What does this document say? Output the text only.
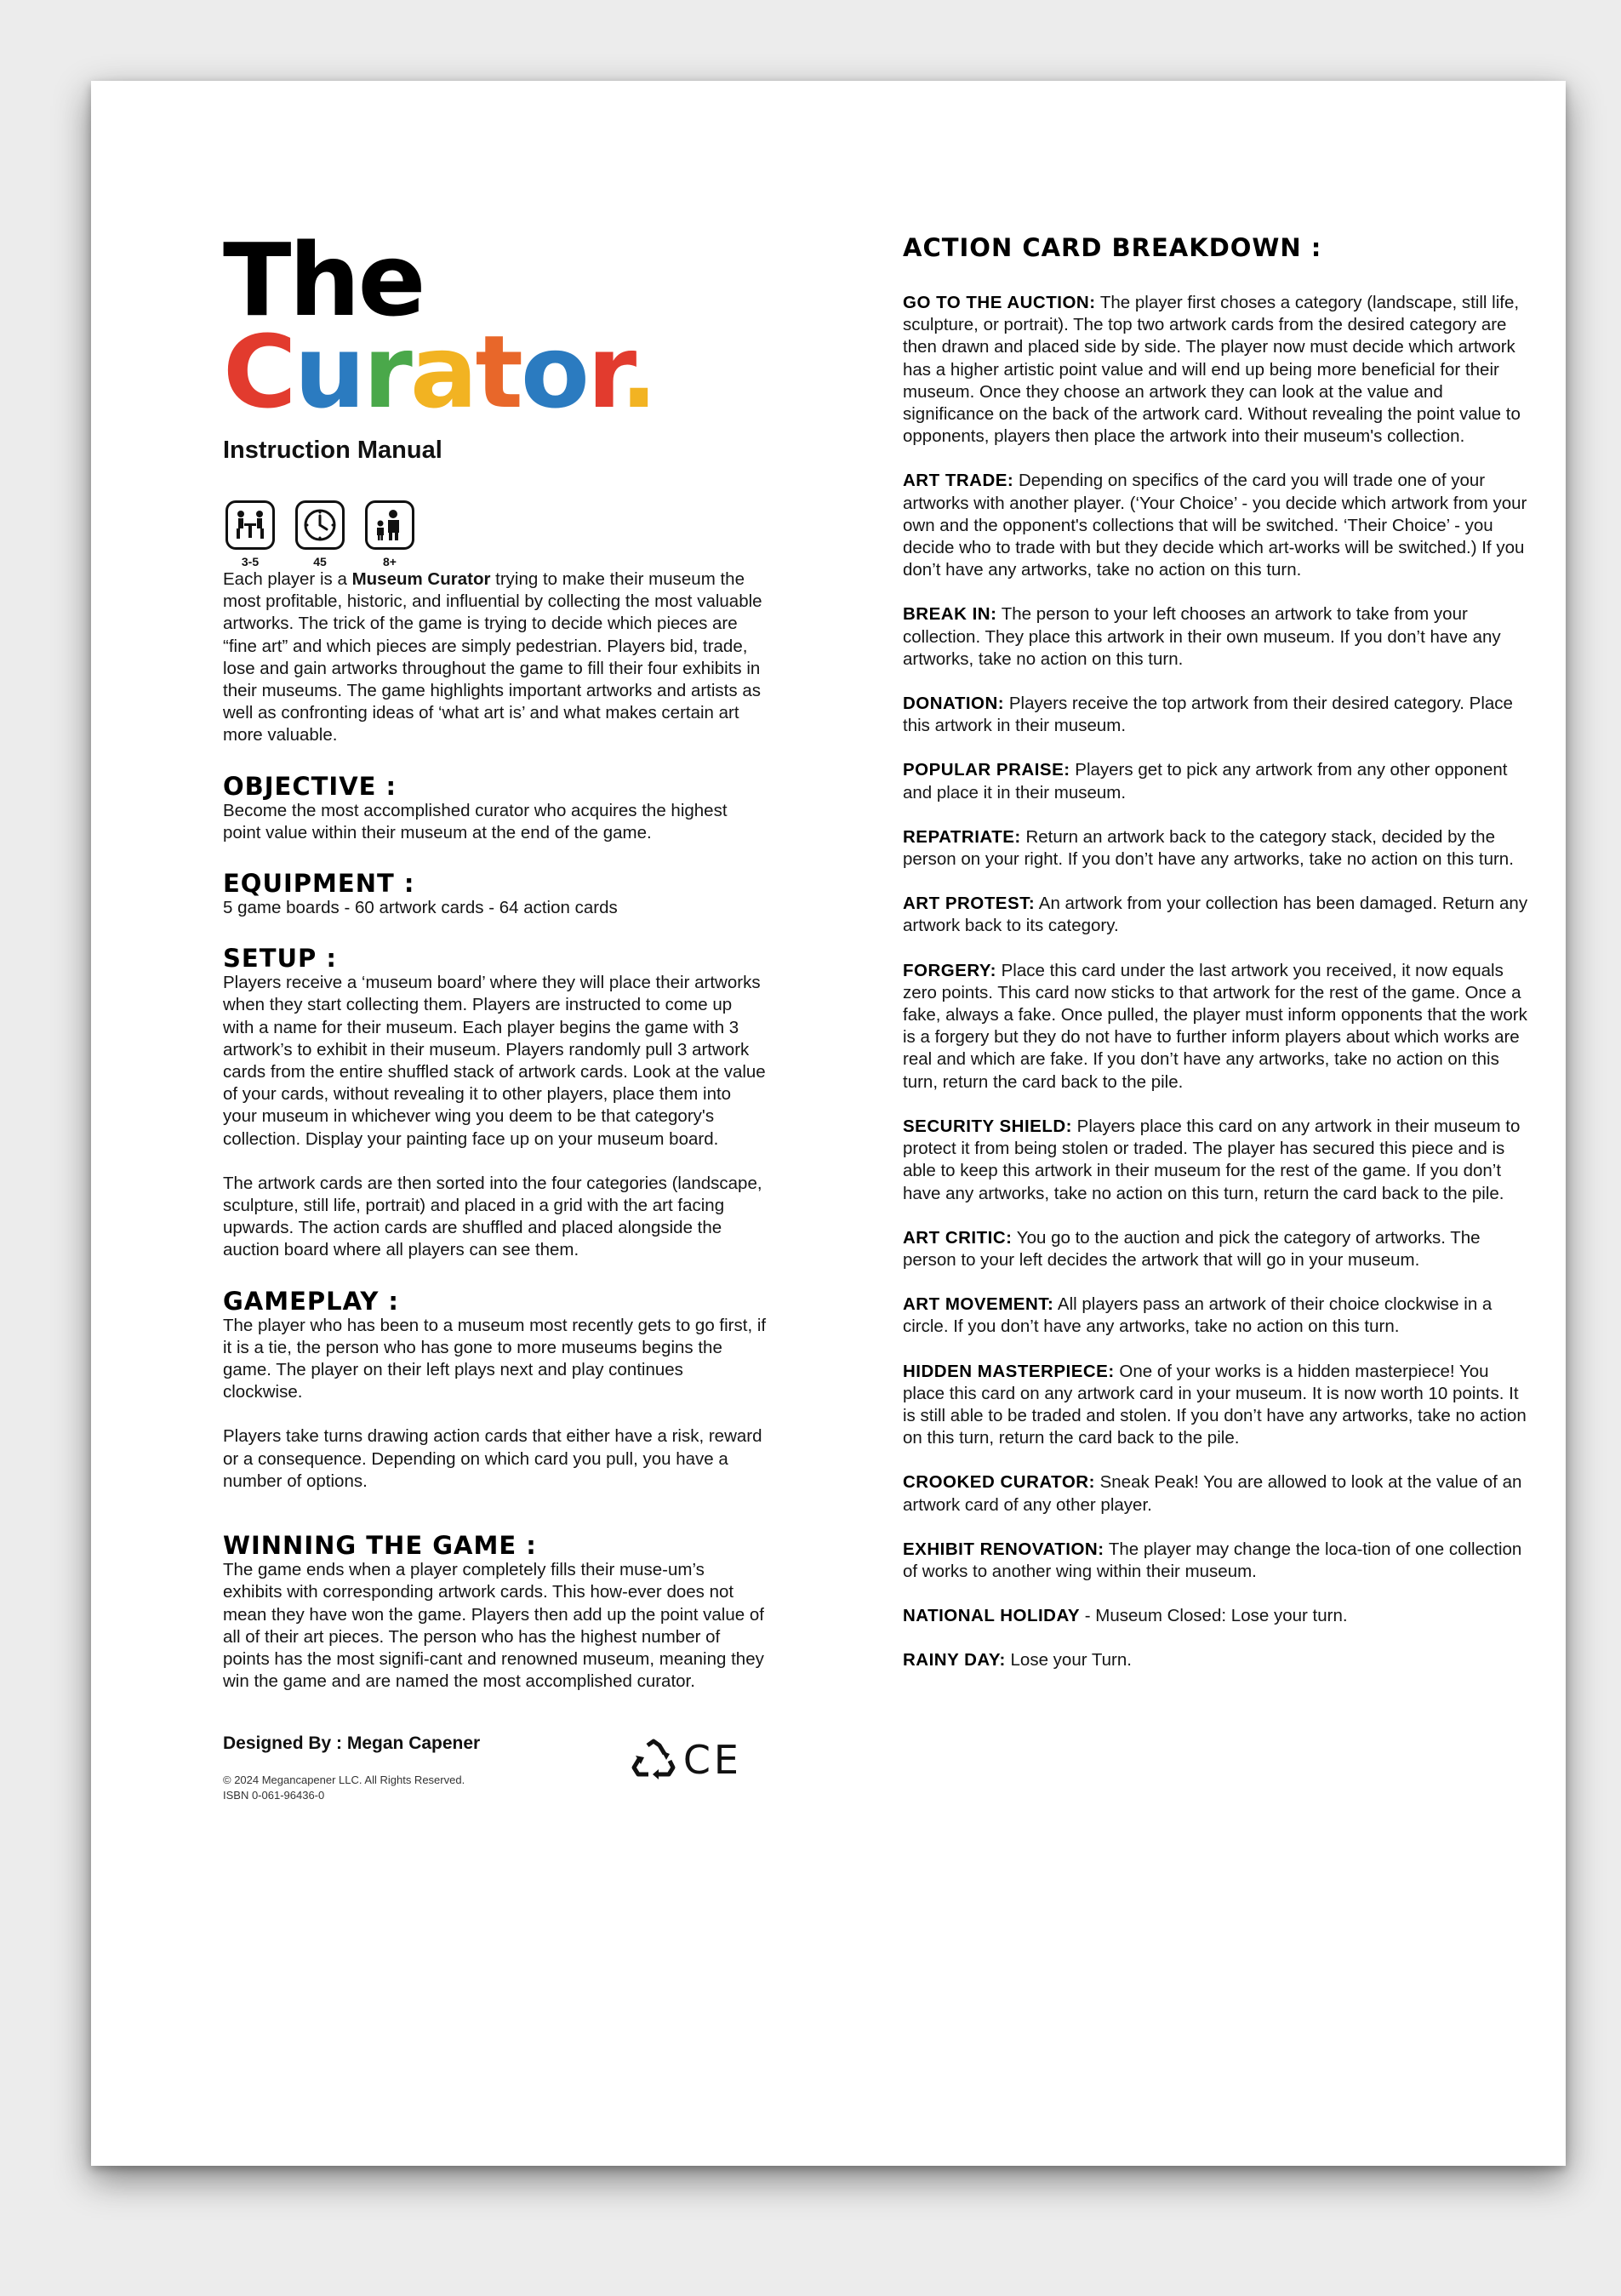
The
Curator.
Instruction Manual
3-5	45	8+

Each player is a Museum Curator trying to make their museum the most profitable, historic, and influential by collecting the most valuable artworks. The trick of the game is trying to decide which pieces are “fine art” and which pieces are simply pedestrian. Players bid, trade, lose and gain artworks throughout the game to fill their four exhibits in their museums. The game highlights important artworks and artists as well as confronting ideas of ‘what art is’ and what makes certain art more valuable.

OBJECTIVE :

Become the most accomplished curator who acquires the highest point value within their museum at the end of the game.

EQUIPMENT :

5 game boards - 60 artwork cards - 64 action cards

SETUP :

Players receive a ‘museum board’ where they will place their artworks when they start collecting them. Players are instructed to come up with a name for their museum. Each player begins the game with 3 artwork’s to exhibit in their museum. Players randomly pull 3 artwork cards from the entire shuffled stack of artwork cards. Look at the value of your cards, without revealing it to other players, place them into your museum in whichever wing you deem to be that category's collection. Display your painting face up on your museum board.

The artwork cards are then sorted into the four categories (landscape, sculpture, still life, portrait) and placed in a grid with the art facing upwards. The action cards are shuffled and placed alongside the auction board where all players can see them.

GAMEPLAY :

The player who has been to a museum most recently gets to go first, if it is a tie, the person who has gone to more museums begins the game. The player on their left plays next and play continues clockwise.

Players take turns drawing action cards that either have a risk, reward or a consequence. Depending on which card you pull, you have a number of options.

WINNING THE GAME :

The game ends when a player completely fills their muse-um’s exhibits with corresponding artwork cards. This how-ever does not mean they have won the game. Players then add up the point value of all of their art pieces. The person who has the highest number of points has the most signifi-cant and renowned museum, meaning they win the game and are named the most accomplished curator.

Designed By : Megan Capener
© 2024 Megancapener LLC. All Rights Reserved.
ISBN 0-061-96436-0
CE
ACTION CARD BREAKDOWN :

GO TO THE AUCTION: The player first choses a category (landscape, still life, sculpture, or portrait). The top two artwork cards from the desired category are then drawn and placed side by side. The player now must decide which artwork has a higher artistic point value and will end up being more beneficial for their museum. Once they choose an artwork they can look at the value and significance on the back of the artwork card. Without revealing the point value to opponents, players then place the artwork into their museum's collection.

ART TRADE: Depending on specifics of the card you will trade one of your artworks with another player. (‘Your Choice’ - you decide which artwork from your own and the opponent's collections that will be switched. ‘Their Choice’ - you decide who to trade with but they decide which art-works will be switched.) If you don’t have any artworks, take no action on this turn.

BREAK IN: The person to your left chooses an artwork to take from your collection. They place this artwork in their own museum. If you don’t have any artworks, take no action on this turn.

DONATION: Players receive the top artwork from their desired category. Place this artwork in their museum.

POPULAR PRAISE: Players get to pick any artwork from any other opponent and place it in their museum.

REPATRIATE: Return an artwork back to the category stack, decided by the person on your right. If you don’t have any artworks, take no action on this turn.

ART PROTEST: An artwork from your collection has been damaged. Return any artwork back to its category.

FORGERY: Place this card under the last artwork you received, it now equals zero points. This card now sticks to that artwork for the rest of the game. Once a fake, always a fake. Once pulled, the player must inform opponents that the work is a forgery but they do not have to further inform players about which works are real and which are fake. If you don’t have any artworks, take no action on this turn, return the card back to the pile.

SECURITY SHIELD: Players place this card on any artwork in their museum to protect it from being stolen or traded. The player has secured this piece and is able to keep this artwork in their museum for the rest of the game. If you don’t have any artworks, take no action on this turn, return the card back to the pile.

ART CRITIC: You go to the auction and pick the category of artworks. The person to your left decides the artwork that will go in your museum.

ART MOVEMENT: All players pass an artwork of their choice clockwise in a circle. If you don’t have any artworks, take no action on this turn.

HIDDEN MASTERPIECE: One of your works is a hidden masterpiece! You place this card on any artwork card in your museum. It is now worth 10 points. It is still able to be traded and stolen. If you don’t have any artworks, take no action on this turn, return the card back to the pile.

CROOKED CURATOR: Sneak Peak! You are allowed to look at the value of an artwork card of any other player.

EXHIBIT RENOVATION: The player may change the loca-tion of one collection of works to another wing within their museum.

NATIONAL HOLIDAY - Museum Closed: Lose your turn.

RAINY DAY: Lose your Turn.
